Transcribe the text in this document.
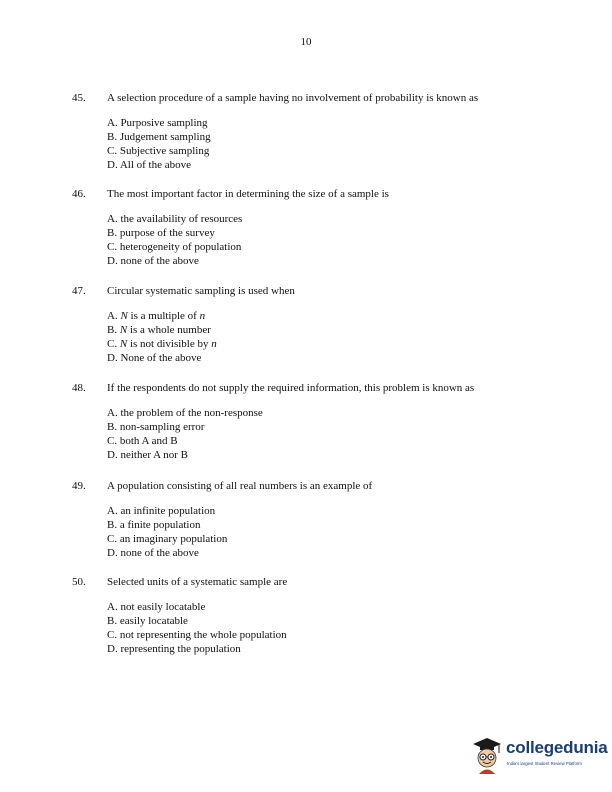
10
45. A selection procedure of a sample having no involvement of probability is known as
A. Purposive sampling
B. Judgement sampling
C. Subjective sampling
D. All of the above
46. The most important factor in determining the size of a sample is
A. the availability of resources
B. purpose of the survey
C. heterogeneity of population
D. none of the above
47. Circular systematic sampling is used when
A. N is a multiple of n
B. N is a whole number
C. N is not divisible by n
D. None of the above
48. If the respondents do not supply the required information, this problem is known as
A. the problem of the non-response
B. non-sampling error
C. both A and B
D. neither A nor B
49. A population consisting of all real numbers is an example of
A. an infinite population
B. a finite population
C. an imaginary population
D. none of the above
50. Selected units of a systematic sample are
A. not easily locatable
B. easily locatable
C. not representing the whole population
D. representing the population
collegedunia
India's largest Student Review Platform
